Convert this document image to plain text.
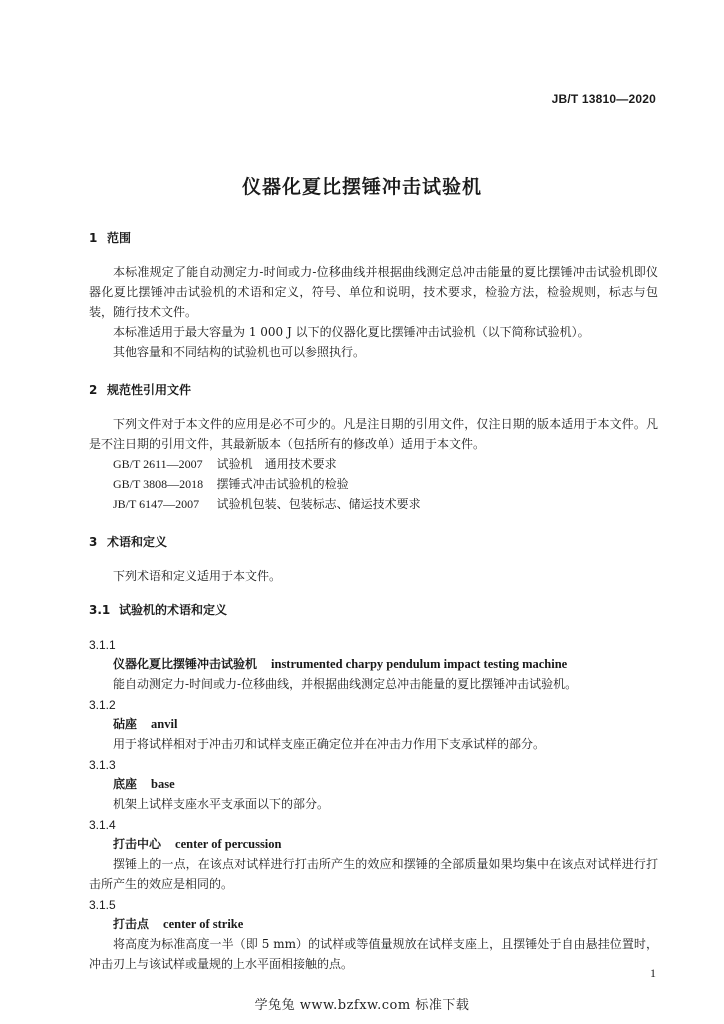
JB/T 13810—2020
仪器化夏比摆锤冲击试验机
1 范围

本标准规定了能自动测定力-时间或力-位移曲线并根据曲线测定总冲击能量的夏比摆锤冲击试验机即仪器化夏比摆锤冲击试验机的术语和定义，符号、单位和说明，技术要求，检验方法，检验规则，标志与包装，随行技术文件。

本标准适用于最大容量为 1 000 J 以下的仪器化夏比摆锤冲击试验机（以下简称试验机）。

其他容量和不同结构的试验机也可以参照执行。

2 规范性引用文件

下列文件对于本文件的应用是必不可少的。凡是注日期的引用文件，仅注日期的版本适用于本文件。凡是不注日期的引用文件，其最新版本（包括所有的修改单）适用于本文件。

GB/T 2611—2007 试验机　通用技术要求
GB/T 3808—2018 摆锤式冲击试验机的检验
JB/T 6147—2007 试验机包装、包装标志、储运技术要求
3 术语和定义

下列术语和定义适用于本文件。

3.1 试验机的术语和定义
3.1.1
仪器化夏比摆锤冲击试验机 instrumented charpy pendulum impact testing machine

能自动测定力-时间或力-位移曲线，并根据曲线测定总冲击能量的夏比摆锤冲击试验机。

3.1.2
砧座 anvil

用于将试样相对于冲击刃和试样支座正确定位并在冲击力作用下支承试样的部分。

3.1.3
底座 base

机架上试样支座水平支承面以下的部分。

3.1.4
打击中心 center of percussion

摆锤上的一点，在该点对试样进行打击所产生的效应和摆锤的全部质量如果均集中在该点对试样进行打击所产生的效应是相同的。

3.1.5
打击点 center of strike

将高度为标准高度一半（即 5 mm）的试样或等值量规放在试样支座上，且摆锤处于自由悬挂位置时，冲击刃上与该试样或量规的上水平面相接触的点。

1
学兔兔 www.bzfxw.com 标准下载
